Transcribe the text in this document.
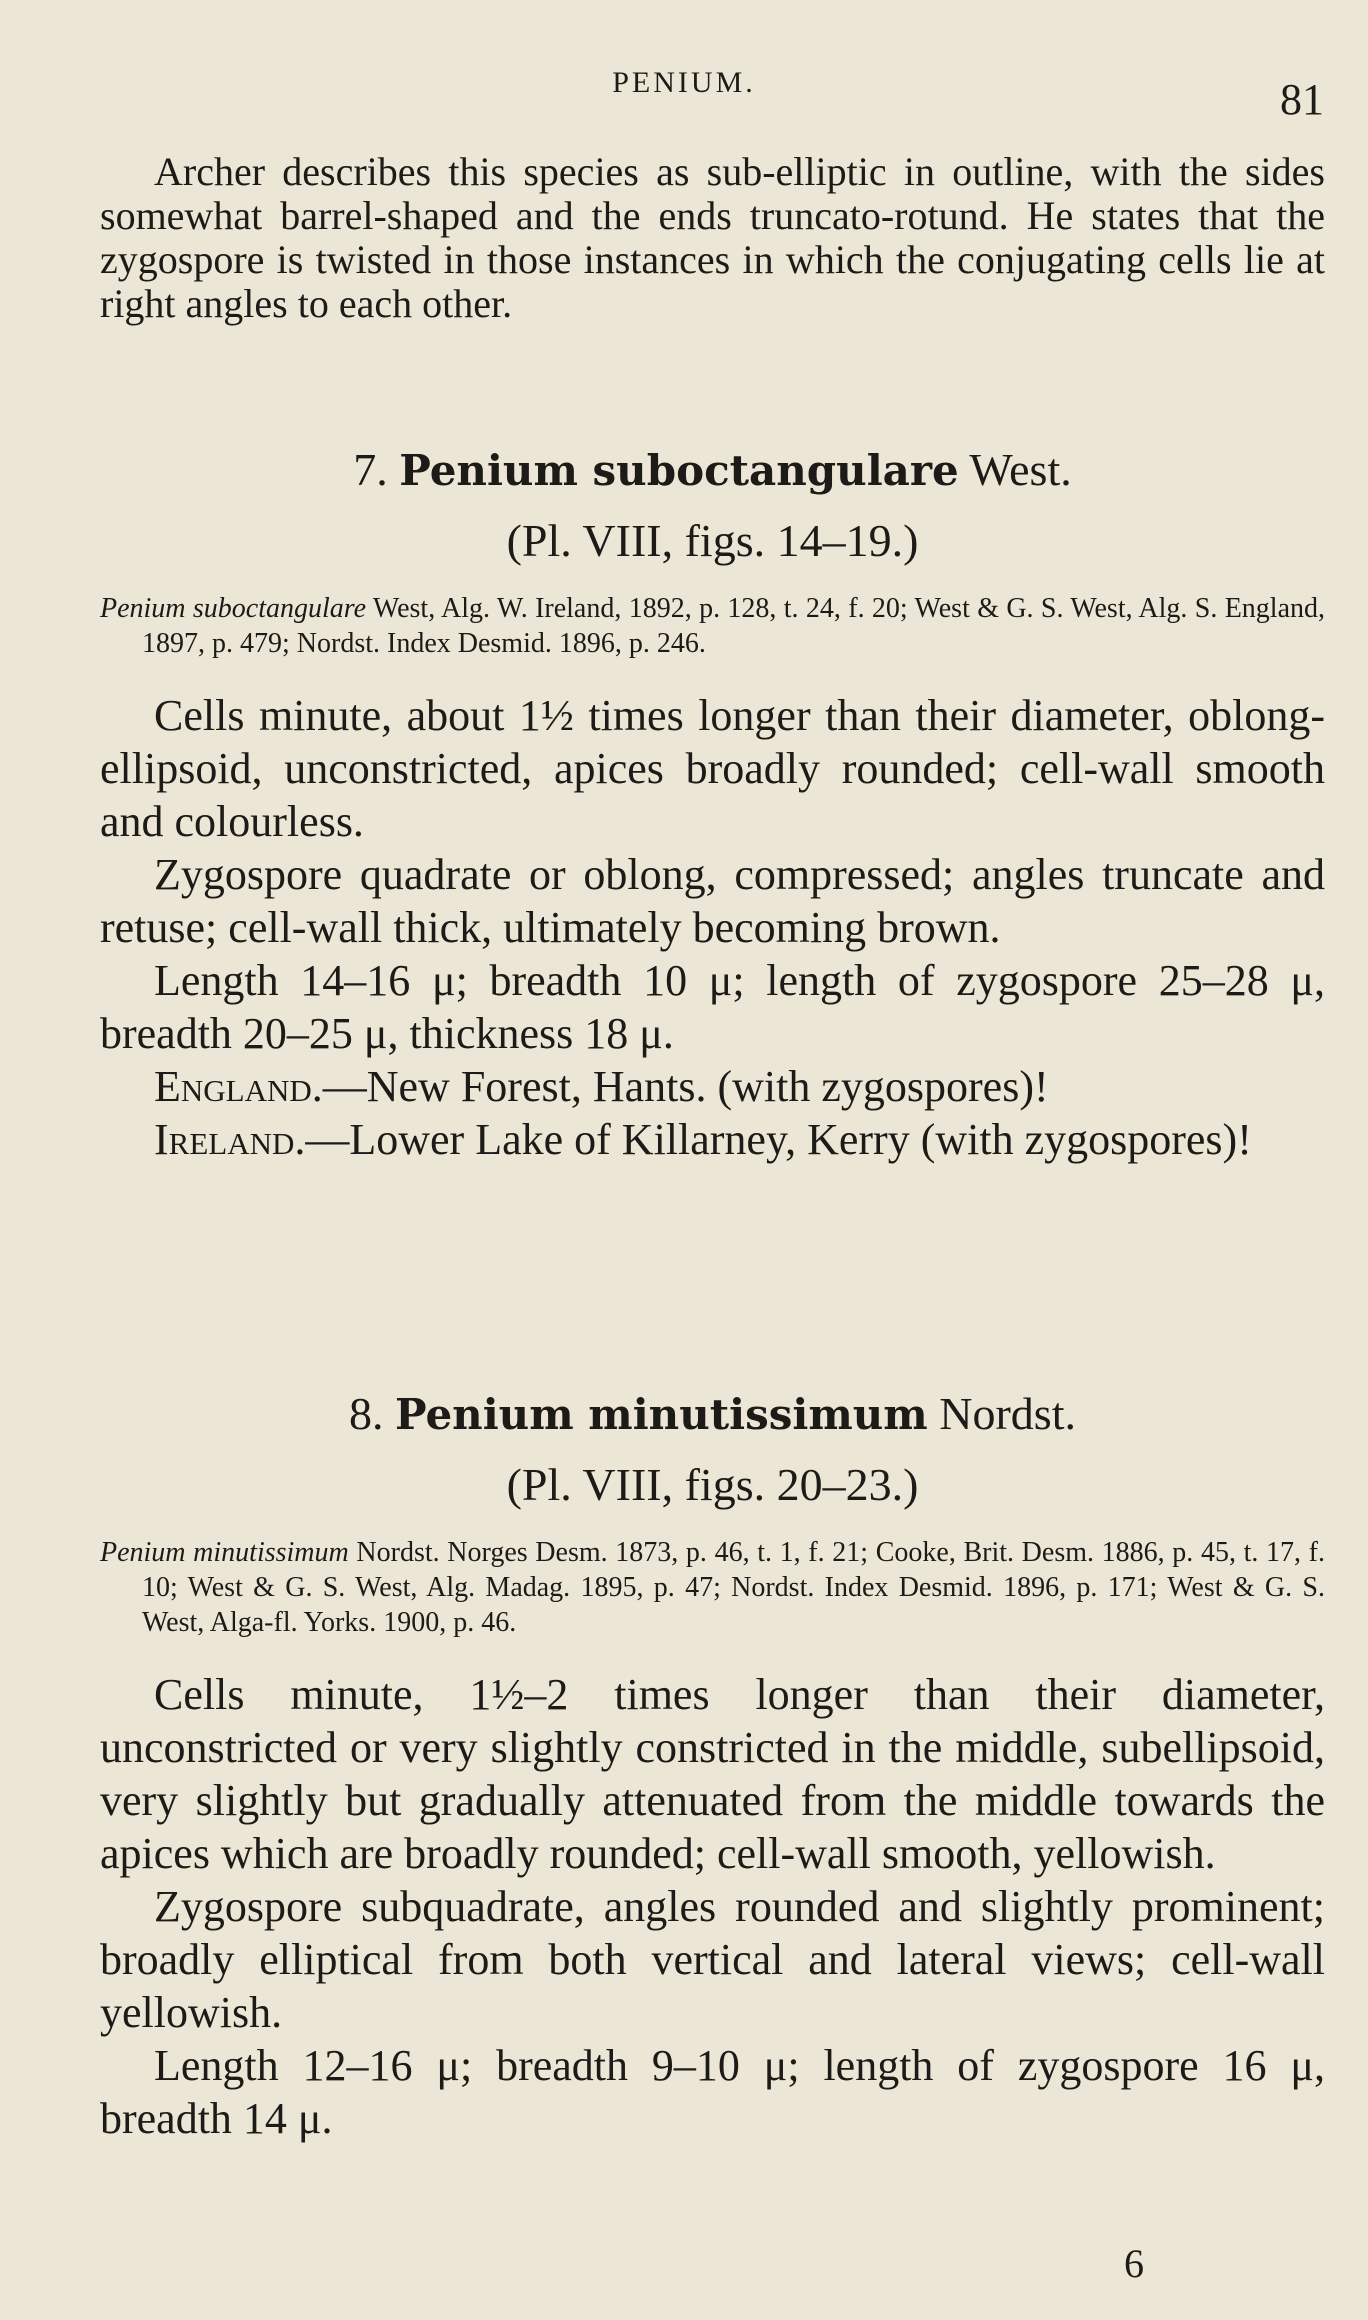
PENIUM.	81

Archer describes this species as sub-elliptic in outline, with the sides somewhat barrel-shaped and the ends truncato-rotund. He states that the zygospore is twisted in those instances in which the conjugating cells lie at right angles to each other.

7. Penium suboctangulare West.

(Pl. VIII, figs. 14–19.)

Penium suboctangulare West, Alg. W. Ireland, 1892, p. 128, t. 24, f. 20; West & G. S. West, Alg. S. England, 1897, p. 479; Nordst. Index Desmid. 1896, p. 246.

Cells minute, about 1½ times longer than their diameter, oblong-ellipsoid, unconstricted, apices broadly rounded; cell-wall smooth and colourless.

Zygospore quadrate or oblong, compressed; angles truncate and retuse; cell-wall thick, ultimately becoming brown.

Length 14–16 μ; breadth 10 μ; length of zygospore 25–28 μ, breadth 20–25 μ, thickness 18 μ.

England.—New Forest, Hants. (with zygospores)!

Ireland.—Lower Lake of Killarney, Kerry (with zygospores)!

8. Penium minutissimum Nordst.

(Pl. VIII, figs. 20–23.)

Penium minutissimum Nordst. Norges Desm. 1873, p. 46, t. 1, f. 21; Cooke, Brit. Desm. 1886, p. 45, t. 17, f. 10; West & G. S. West, Alg. Madag. 1895, p. 47; Nordst. Index Desmid. 1896, p. 171; West & G. S. West, Alga-fl. Yorks. 1900, p. 46.

Cells minute, 1½–2 times longer than their diameter, unconstricted or very slightly constricted in the middle, subellipsoid, very slightly but gradually attenuated from the middle towards the apices which are broadly rounded; cell-wall smooth, yellowish.

Zygospore subquadrate, angles rounded and slightly prominent; broadly elliptical from both vertical and lateral views; cell-wall yellowish.

Length 12–16 μ; breadth 9–10 μ; length of zygospore 16 μ, breadth 14 μ.

6
